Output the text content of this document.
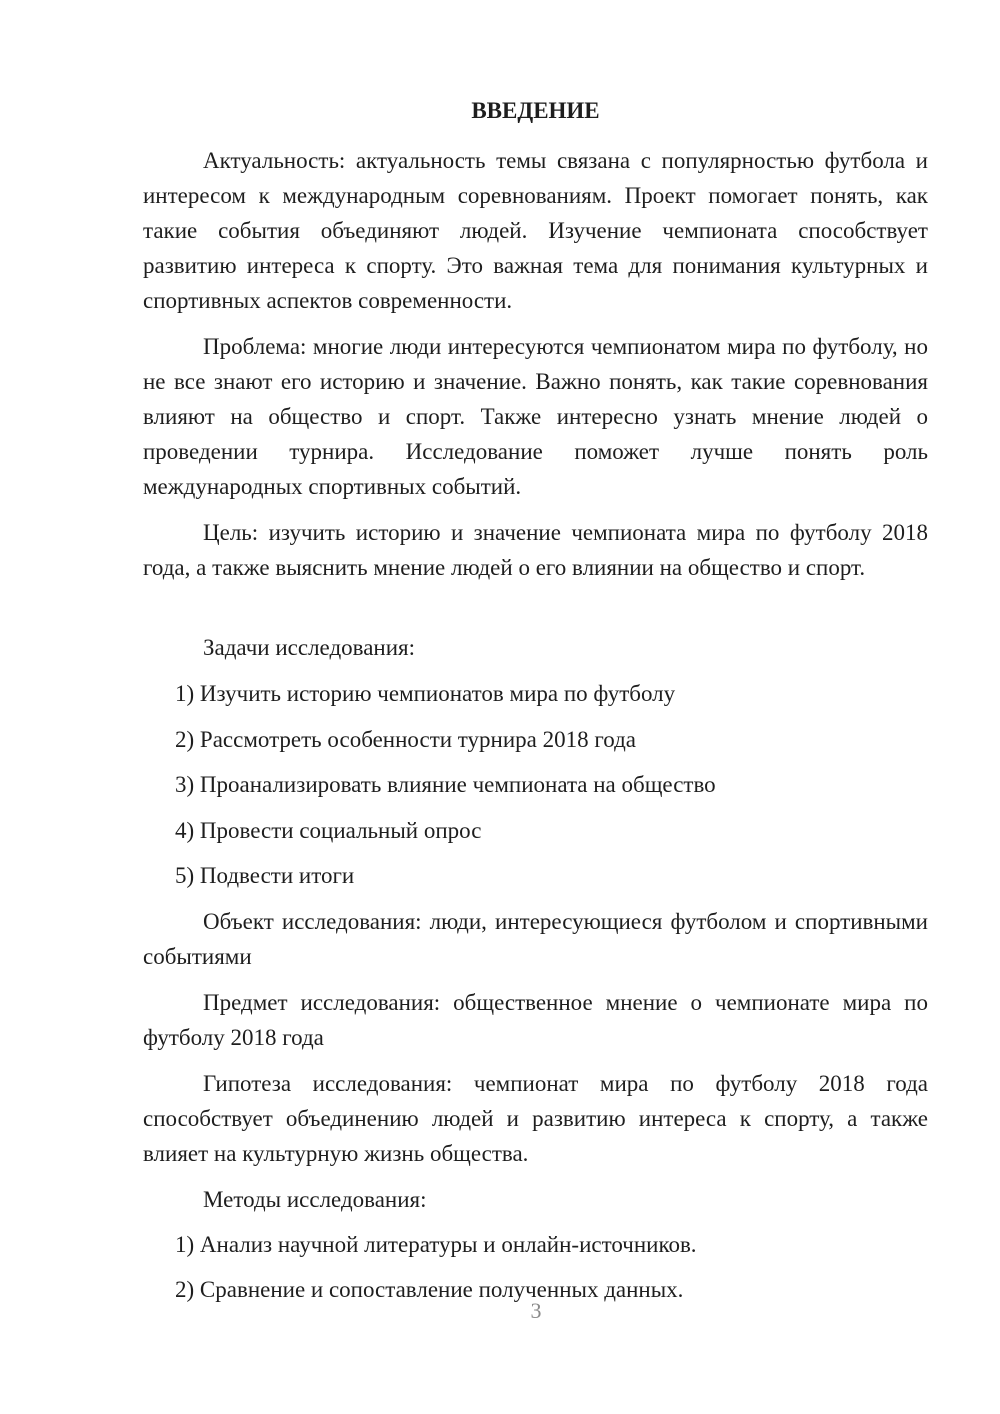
ВВЕДЕНИЕ

Актуальность: актуальность темы связана с популярностью футбола и интересом к международным соревнованиям. Проект помогает понять, как такие события объединяют людей. Изучение чемпионата способствует развитию интереса к спорту. Это важная тема для понимания культурных и спортивных аспектов современности.

Проблема: многие люди интересуются чемпионатом мира по футболу, но не все знают его историю и значение. Важно понять, как такие соревнования влияют на общество и спорт. Также интересно узнать мнение людей о проведении турнира. Исследование поможет лучше понять роль международных спортивных событий.

Цель: изучить историю и значение чемпионата мира по футболу 2018 года, а также выяснить мнение людей о его влиянии на общество и спорт.

Задачи исследования:
1) Изучить историю чемпионатов мира по футболу
2) Рассмотреть особенности турнира 2018 года
3) Проанализировать влияние чемпионата на общество
4) Провести социальный опрос
5) Подвести итоги

Объект исследования: люди, интересующиеся футболом и спортивными событиями

Предмет исследования: общественное мнение о чемпионате мира по футболу 2018 года

Гипотеза исследования: чемпионат мира по футболу 2018 года способствует объединению людей и развитию интереса к спорту, а также влияет на культурную жизнь общества.

Методы исследования:
1) Анализ научной литературы и онлайн-источников.
2) Сравнение и сопоставление полученных данных.
3
